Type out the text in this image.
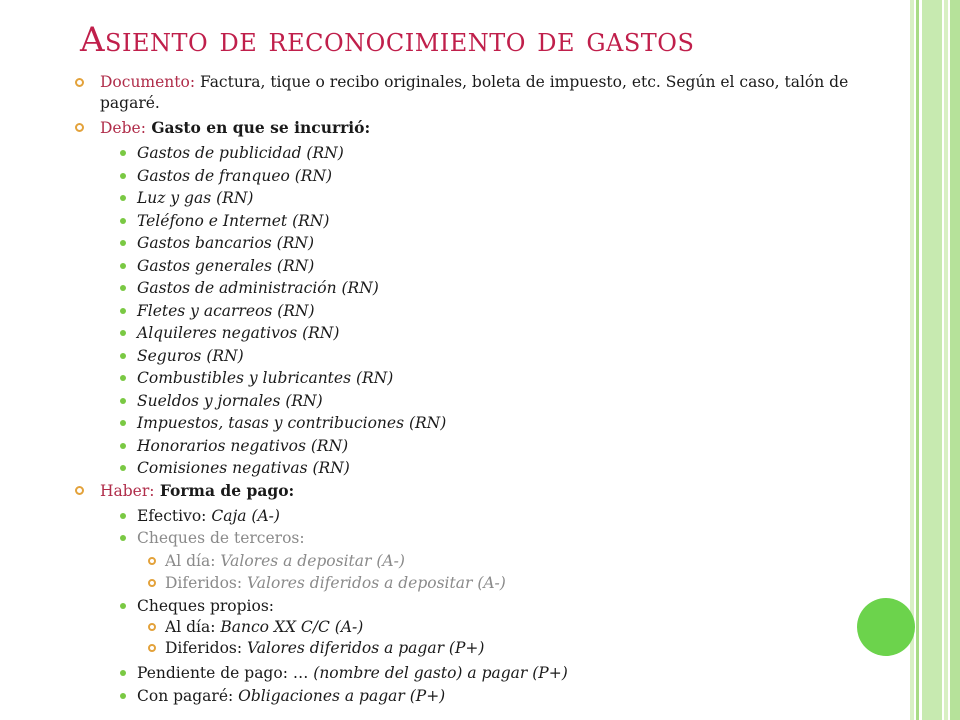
Asiento de reconocimiento de gastos
Documento: Factura, tique o recibo originales, boleta de impuesto, etc. Según el caso, talón de pagaré.
Debe: Gasto en que se incurrió:
Gastos de publicidad (RN)
Gastos de franqueo (RN)
Luz y gas (RN)
Teléfono e Internet (RN)
Gastos bancarios (RN)
Gastos generales (RN)
Gastos de administración (RN)
Fletes y acarreos (RN)
Alquileres negativos (RN)
Seguros (RN)
Combustibles y lubricantes (RN)
Sueldos y jornales (RN)
Impuestos, tasas y contribuciones (RN)
Honorarios negativos (RN)
Comisiones negativas (RN)
Haber: Forma de pago:
Efectivo: Caja (A-)
Cheques de terceros:
Al día: Valores a depositar (A-)
Diferidos: Valores diferidos a depositar (A-)
Cheques propios:
Al día: Banco XX C/C (A-)
Diferidos: Valores diferidos a pagar (P+)
Pendiente de pago: … (nombre del gasto) a pagar (P+)
Con pagaré: Obligaciones a pagar (P+)
